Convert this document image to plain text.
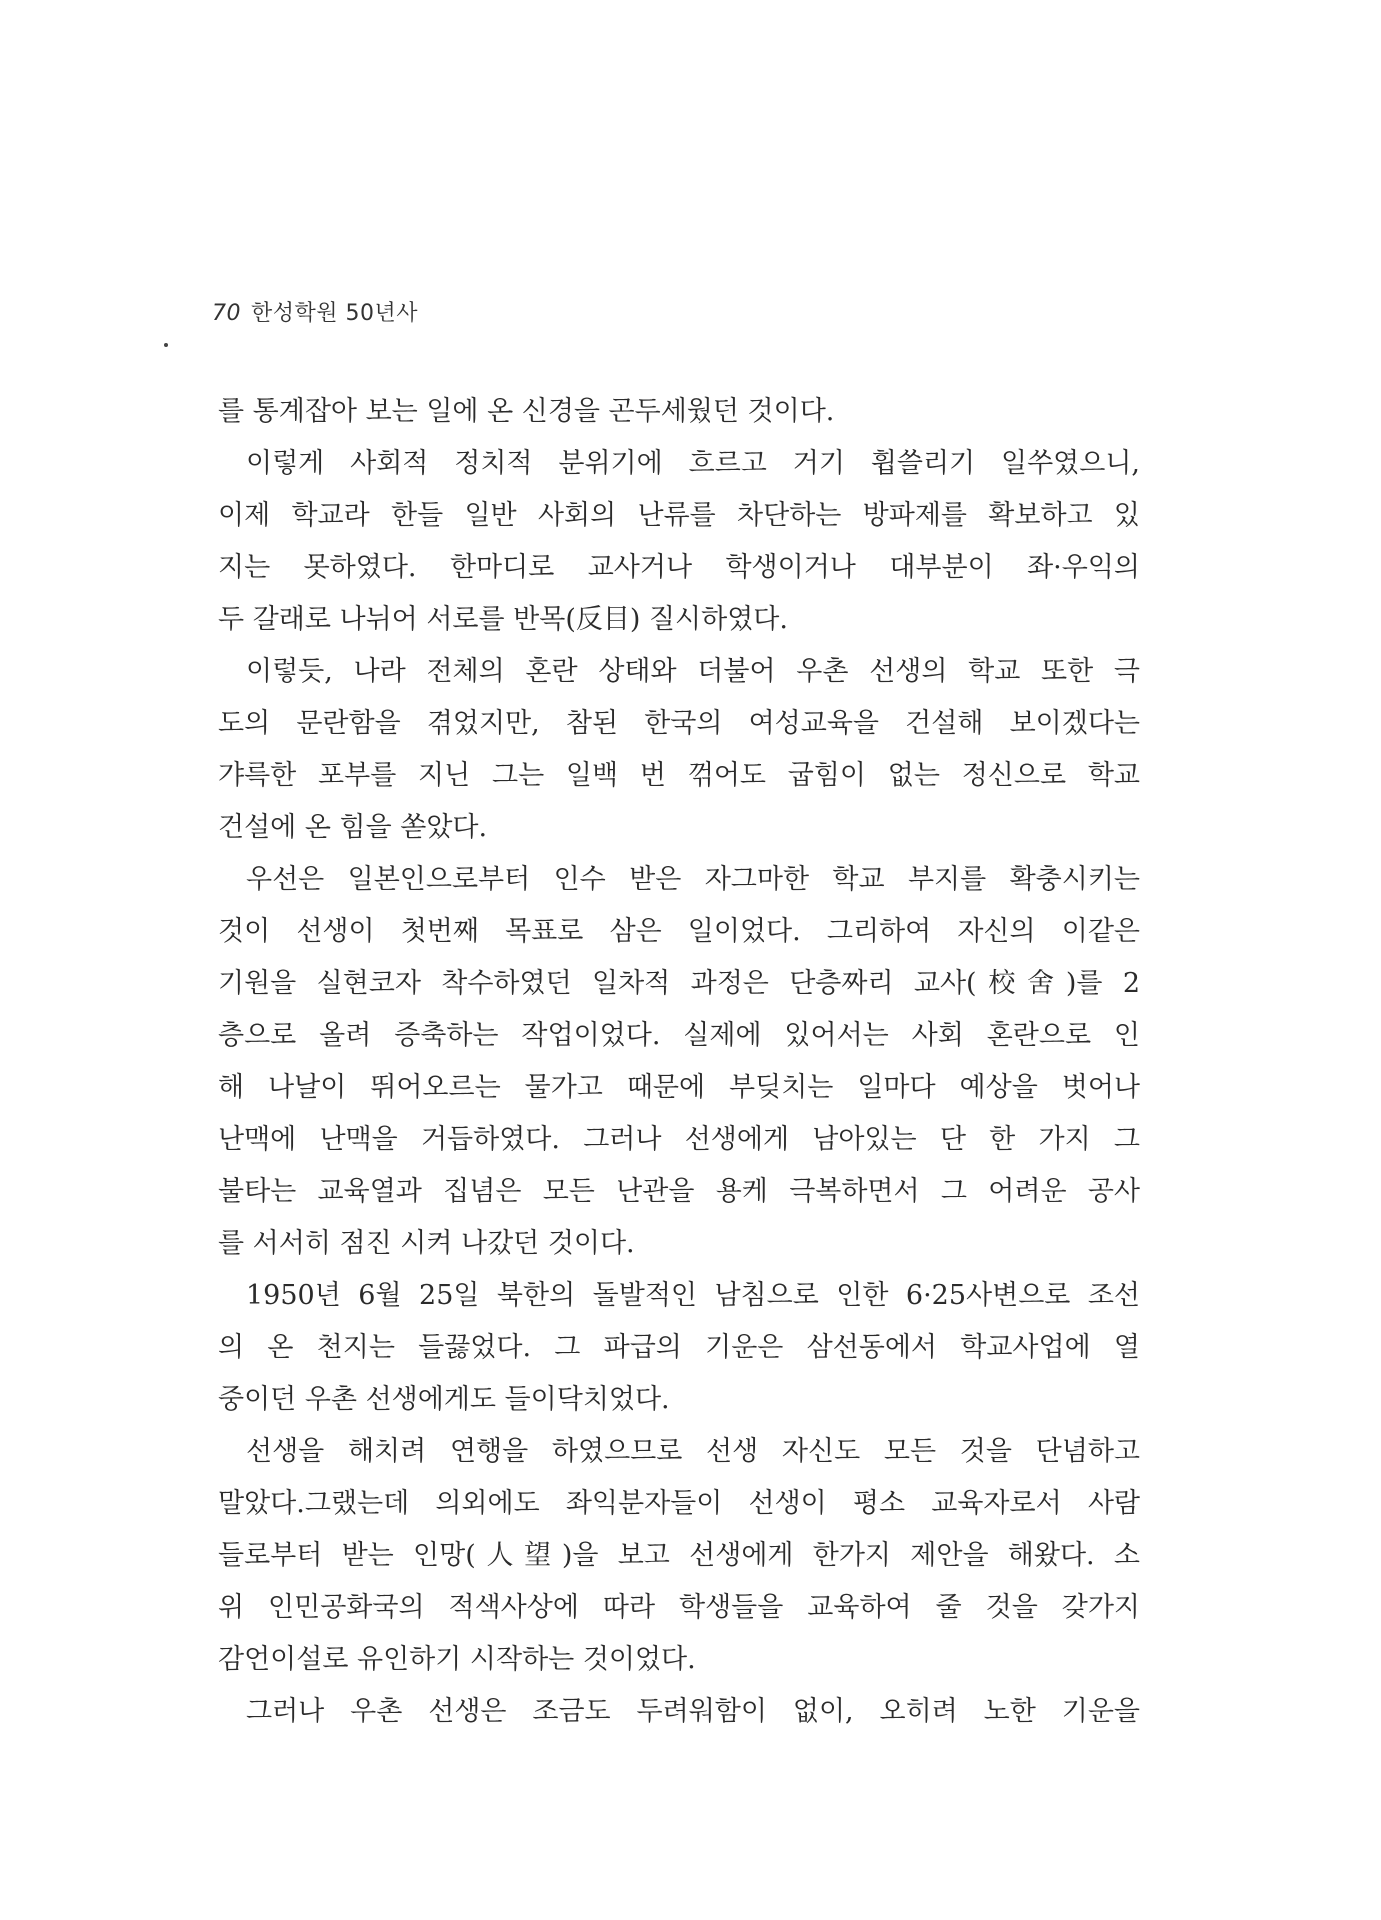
70 한성학원 50년사
를 통계잡아 보는 일에 온 신경을 곤두세웠던 것이다.
이렇게 사회적 정치적 분위기에 흐르고 거기 휩쓸리기 일쑤였으니,
이제 학교라 한들 일반 사회의 난류를 차단하는 방파제를 확보하고 있
지는 못하였다. 한마디로 교사거나 학생이거나 대부분이 좌·우익의
두 갈래로 나뉘어 서로를 반목(反目) 질시하였다.
이렇듯, 나라 전체의 혼란 상태와 더불어 우촌 선생의 학교 또한 극
도의 문란함을 겪었지만, 참된 한국의 여성교육을 건설해 보이겠다는
갸륵한 포부를 지닌 그는 일백 번 꺾어도 굽힘이 없는 정신으로 학교
건설에 온 힘을 쏟았다.
우선은 일본인으로부터 인수 받은 자그마한 학교 부지를 확충시키는
것이 선생이 첫번째 목표로 삼은 일이었다. 그리하여 자신의 이같은
기원을 실현코자 착수하였던 일차적 과정은 단층짜리 교사(校舍)를 2
층으로 올려 증축하는 작업이었다. 실제에 있어서는 사회 혼란으로 인
해 나날이 뛰어오르는 물가고 때문에 부딪치는 일마다 예상을 벗어나
난맥에 난맥을 거듭하였다. 그러나 선생에게 남아있는 단 한 가지 그
불타는 교육열과 집념은 모든 난관을 용케 극복하면서 그 어려운 공사
를 서서히 점진 시켜 나갔던 것이다.
1950년 6월 25일 북한의 돌발적인 남침으로 인한 6·25사변으로 조선
의 온 천지는 들끓었다. 그 파급의 기운은 삼선동에서 학교사업에 열
중이던 우촌 선생에게도 들이닥치었다.
선생을 해치려 연행을 하였으므로 선생 자신도 모든 것을 단념하고
말았다.그랬는데 의외에도 좌익분자들이 선생이 평소 교육자로서 사람
들로부터 받는 인망(人望)을 보고 선생에게 한가지 제안을 해왔다. 소
위 인민공화국의 적색사상에 따라 학생들을 교육하여 줄 것을 갖가지
감언이설로 유인하기 시작하는 것이었다.
그러나 우촌 선생은 조금도 두려워함이 없이, 오히려 노한 기운을
